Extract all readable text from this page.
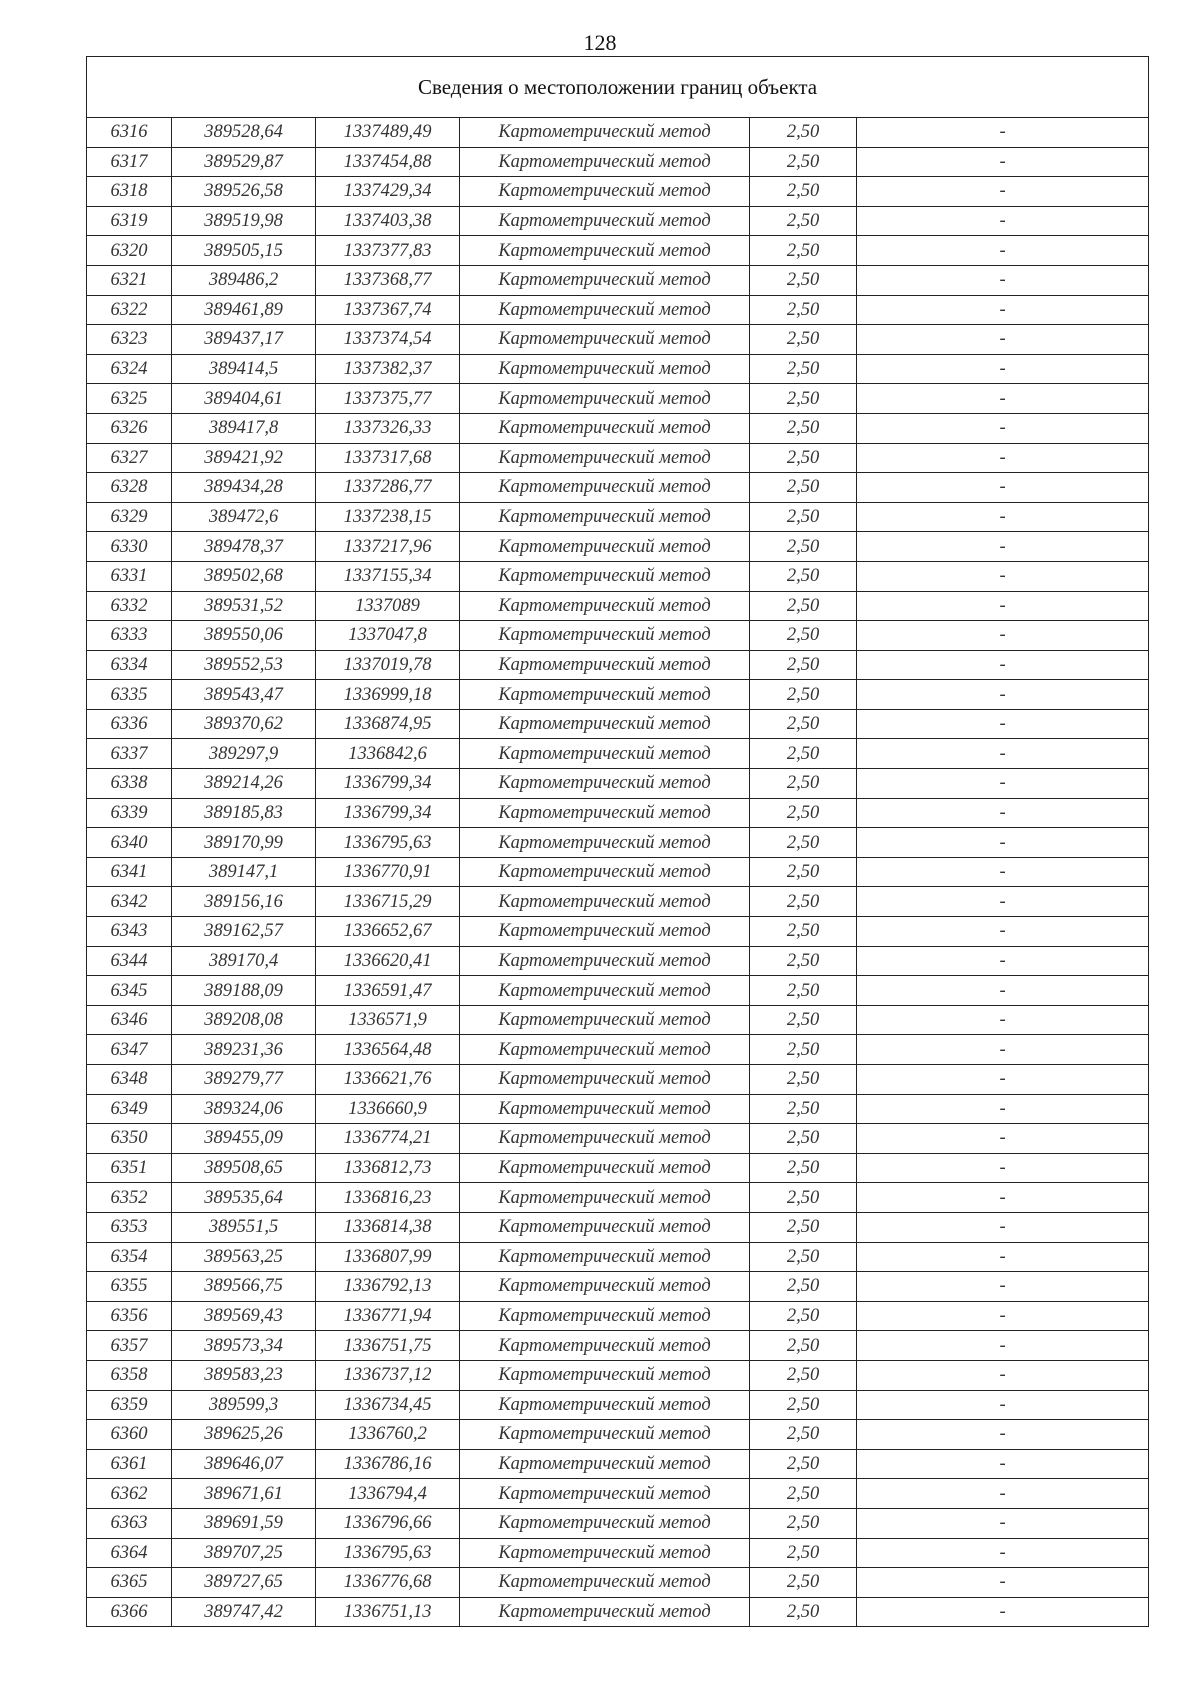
128
Сведения о местоположении границ объекта					
6316	389528,64	1337489,49	Картометрический метод	2,50	-
6317	389529,87	1337454,88	Картометрический метод	2,50	-
6318	389526,58	1337429,34	Картометрический метод	2,50	-
6319	389519,98	1337403,38	Картометрический метод	2,50	-
6320	389505,15	1337377,83	Картометрический метод	2,50	-
6321	389486,2	1337368,77	Картометрический метод	2,50	-
6322	389461,89	1337367,74	Картометрический метод	2,50	-
6323	389437,17	1337374,54	Картометрический метод	2,50	-
6324	389414,5	1337382,37	Картометрический метод	2,50	-
6325	389404,61	1337375,77	Картометрический метод	2,50	-
6326	389417,8	1337326,33	Картометрический метод	2,50	-
6327	389421,92	1337317,68	Картометрический метод	2,50	-
6328	389434,28	1337286,77	Картометрический метод	2,50	-
6329	389472,6	1337238,15	Картометрический метод	2,50	-
6330	389478,37	1337217,96	Картометрический метод	2,50	-
6331	389502,68	1337155,34	Картометрический метод	2,50	-
6332	389531,52	1337089	Картометрический метод	2,50	-
6333	389550,06	1337047,8	Картометрический метод	2,50	-
6334	389552,53	1337019,78	Картометрический метод	2,50	-
6335	389543,47	1336999,18	Картометрический метод	2,50	-
6336	389370,62	1336874,95	Картометрический метод	2,50	-
6337	389297,9	1336842,6	Картометрический метод	2,50	-
6338	389214,26	1336799,34	Картометрический метод	2,50	-
6339	389185,83	1336799,34	Картометрический метод	2,50	-
6340	389170,99	1336795,63	Картометрический метод	2,50	-
6341	389147,1	1336770,91	Картометрический метод	2,50	-
6342	389156,16	1336715,29	Картометрический метод	2,50	-
6343	389162,57	1336652,67	Картометрический метод	2,50	-
6344	389170,4	1336620,41	Картометрический метод	2,50	-
6345	389188,09	1336591,47	Картометрический метод	2,50	-
6346	389208,08	1336571,9	Картометрический метод	2,50	-
6347	389231,36	1336564,48	Картометрический метод	2,50	-
6348	389279,77	1336621,76	Картометрический метод	2,50	-
6349	389324,06	1336660,9	Картометрический метод	2,50	-
6350	389455,09	1336774,21	Картометрический метод	2,50	-
6351	389508,65	1336812,73	Картометрический метод	2,50	-
6352	389535,64	1336816,23	Картометрический метод	2,50	-
6353	389551,5	1336814,38	Картометрический метод	2,50	-
6354	389563,25	1336807,99	Картометрический метод	2,50	-
6355	389566,75	1336792,13	Картометрический метод	2,50	-
6356	389569,43	1336771,94	Картометрический метод	2,50	-
6357	389573,34	1336751,75	Картометрический метод	2,50	-
6358	389583,23	1336737,12	Картометрический метод	2,50	-
6359	389599,3	1336734,45	Картометрический метод	2,50	-
6360	389625,26	1336760,2	Картометрический метод	2,50	-
6361	389646,07	1336786,16	Картометрический метод	2,50	-
6362	389671,61	1336794,4	Картометрический метод	2,50	-
6363	389691,59	1336796,66	Картометрический метод	2,50	-
6364	389707,25	1336795,63	Картометрический метод	2,50	-
6365	389727,65	1336776,68	Картометрический метод	2,50	-
6366	389747,42	1336751,13	Картометрический метод	2,50	-
